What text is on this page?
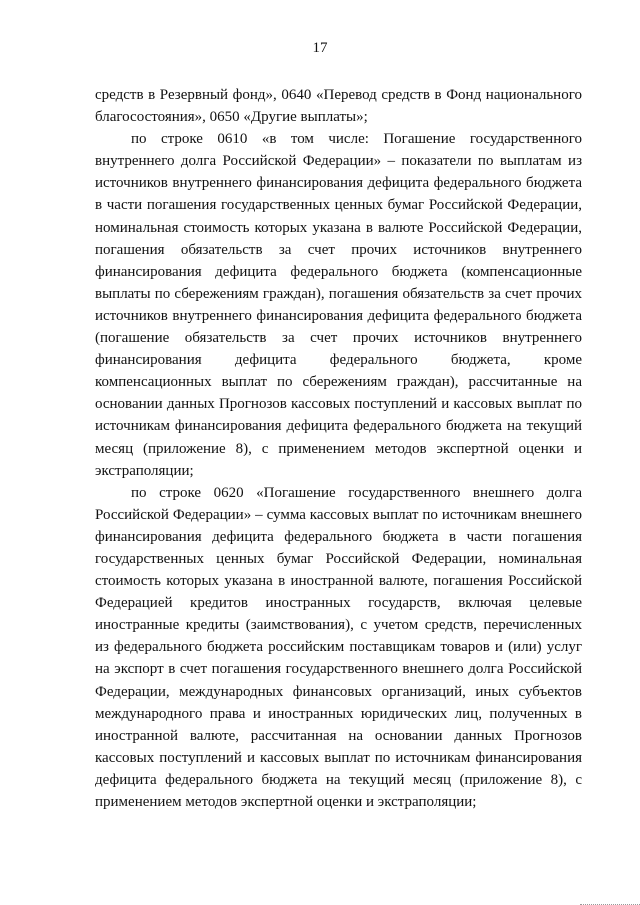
17

средств в Резервный фонд», 0640 «Перевод средств в Фонд национального благосостояния», 0650 «Другие выплаты»;

по строке 0610 «в том числе: Погашение государственного внутреннего долга Российской Федерации» – показатели по выплатам из источников внутреннего финансирования дефицита федерального бюджета в части погашения государственных ценных бумаг Российской Федерации, номинальная стоимость которых указана в валюте Российской Федерации, погашения обязательств за счет прочих источников внутреннего финансирования дефицита федерального бюджета (компенсационные выплаты по сбережениям граждан), погашения обязательств за счет прочих источников внутреннего финансирования дефицита федерального бюджета (погашение обязательств за счет прочих источников внутреннего финансирования дефицита федерального бюджета, кроме компенсационных выплат по сбережениям граждан), рассчитанные на основании данных Прогнозов кассовых поступлений и кассовых выплат по источникам финансирования дефицита федерального бюджета на текущий месяц (приложение 8), с применением методов экспертной оценки и экстраполяции;

по строке 0620 «Погашение государственного внешнего долга Российской Федерации» – сумма кассовых выплат по источникам внешнего финансирования дефицита федерального бюджета в части погашения государственных ценных бумаг Российской Федерации, номинальная стоимость которых указана в иностранной валюте, погашения Российской Федерацией кредитов иностранных государств, включая целевые иностранные кредиты (заимствования), с учетом средств, перечисленных из федерального бюджета российским поставщикам товаров и (или) услуг на экспорт в счет погашения государственного внешнего долга Российской Федерации, международных финансовых организаций, иных субъектов международного права и иностранных юридических лиц, полученных в иностранной валюте, рассчитанная на основании данных Прогнозов кассовых поступлений и кассовых выплат по источникам финансирования дефицита федерального бюджета на текущий месяц (приложение 8), с применением методов экспертной оценки и экстраполяции;
